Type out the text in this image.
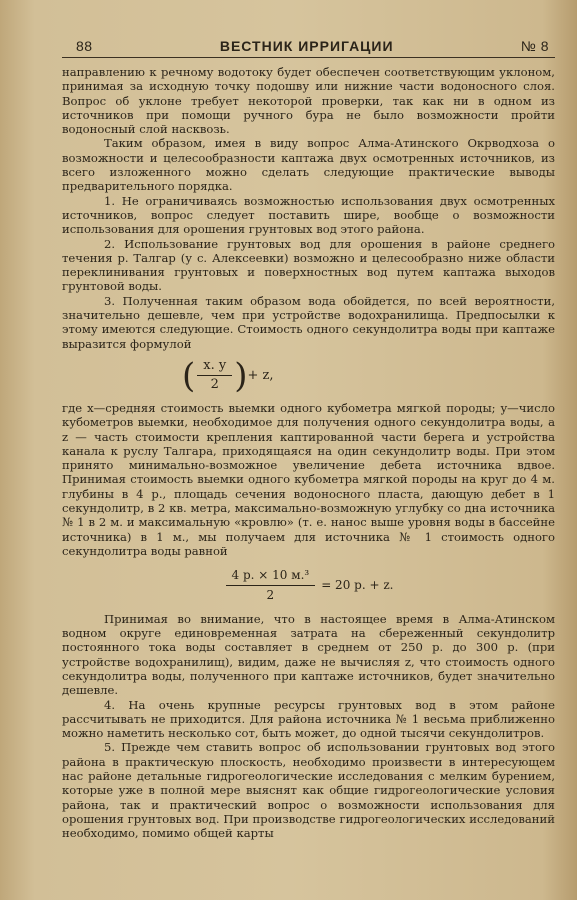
88	ВЕСТНИК ИРРИГАЦИИ	№ 8

направлению к речному водотоку будет обеспечен соответствующим уклоном, принимая за исходную точку подошву или нижние части водоносного слоя. Вопрос об уклоне требует некоторой проверки, так как ни в одном из источников при помощи ручного бура не было возможности пройти водоносный слой насквозь.

Таким образом, имея в виду вопрос Алма-Атинского Окрводхоза о возможности и целесообразности каптажа двух осмотренных источников, из всего изложенного можно сделать следующие практические выводы предварительного порядка.

1. Не ограничиваясь возможностью использования двух осмотренных источников, вопрос следует поставить шире, вообще о возможности использования для орошения грунтовых вод этого района.

2. Использование грунтовых вод для орошения в районе среднего течения р. Талгар (у с. Алексеевки) возможно и целесообразно ниже области переклинивания грунтовых и поверхностных вод путем каптажа выходов грунтовой воды.

3. Полученная таким образом вода обойдется, по всей вероятности, значительно дешевле, чем при устройстве водохранилища. Предпосылки к этому имеются следующие. Стоимость одного секундолитра воды при каптаже выразится формулой

( $\frac{x. y}{2}$ ) + z,

где x—средняя стоимость выемки одного кубометра мягкой породы; y—число кубометров выемки, необходимое для получения одного секундолитра воды, а z — часть стоимости крепления каптированной части берега и устройства канала к руслу Талгара, приходящаяся на один секундолитр воды. При этом принято минимально-возможное увеличение дебета источника вдвое. Принимая стоимость выемки одного кубометра мягкой породы на круг до 4 м. глубины в 4 р., площадь сечения водоносного пласта, дающую дебет в 1 секундолитр, в 2 кв. метра, максимально-возможную углубку со дна источника № 1 в 2 м. и максимальную «кровлю» (т. е. нанос выше уровня воды в бассейне источника) в 1 м., мы получаем для источника № 1 стоимость одного секундолитра воды равной

$\frac{\text{4 р. × 10 м.³}}{2} = 20$ р. + z.

Принимая во внимание, что в настоящее время в Алма-Атинском водном округе единовременная затрата на сбереженный секундолитр постоянного тока воды составляет в среднем от 250 р. до 300 р. (при устройстве водохранилищ), видим, даже не вычисляя z, что стоимость одного секундолитра воды, полученного при каптаже источников, будет значительно дешевле.

4. На очень крупные ресурсы грунтовых вод в этом районе рассчитывать не приходится. Для района источника № 1 весьма приближенно можно наметить несколько сот, быть может, до одной тысячи секундолитров.

5. Прежде чем ставить вопрос об использовании грунтовых вод этого района в практическую плоскость, необходимо произвести в интересующем нас районе детальные гидрогеологические исследования с мелким бурением, которые уже в полной мере выяснят как общие гидрогеологические условия района, так и практический вопрос о возможности использования для орошения грунтовых вод. При производстве гидрогеологических исследований необходимо, помимо общей карты
